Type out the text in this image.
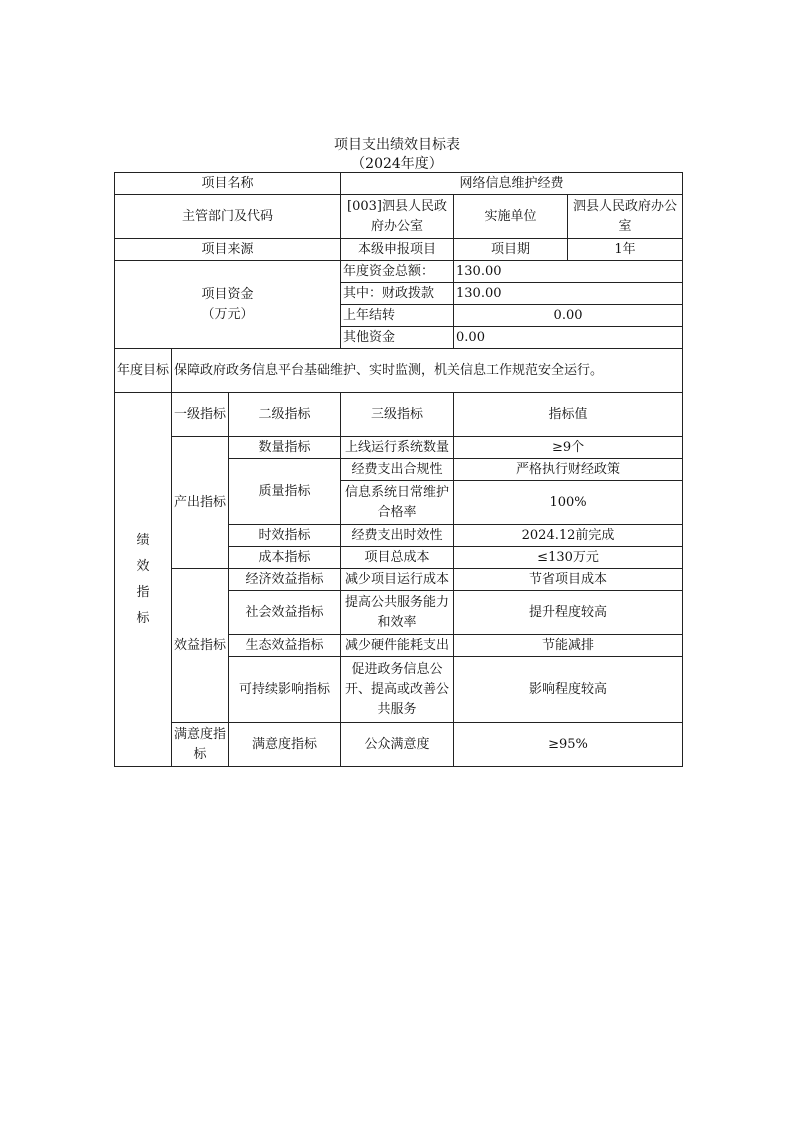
项目支出绩效目标表
（2024年度）
项目名称			网络信息维护经费		
主管部门及代码			[003]泗县人民政府办公室	实施单位	泗县人民政府办公室
项目来源			本级申报项目	项目期	1年

项目资金
（万元）			年度资金总额：	130.00	
			其中：财政拨款	130.00	
			上年结转	0.00	
			其他资金	0.00	
年度目标	保障政府政务信息平台基础维护、实时监测，机关信息工作规范安全运行。				

绩效指标	一级指标	二级指标	三级指标	指标值	
	产出指标	数量指标	上线运行系统数量	≥9个	
		质量指标	经费支出合规性	严格执行财经政策	
			信息系统日常维护合格率	100%	
		时效指标	经费支出时效性	2024.12前完成	
		成本指标	项目总成本	≤130万元	
	效益指标	经济效益指标	减少项目运行成本	节省项目成本	
		社会效益指标	提高公共服务能力和效率	提升程度较高	
		生态效益指标	减少硬件能耗支出	节能减排	
		可持续影响指标	促进政务信息公开、提高或改善公共服务	影响程度较高	
	满意度指标	满意度指标	公众满意度	≥95%	
